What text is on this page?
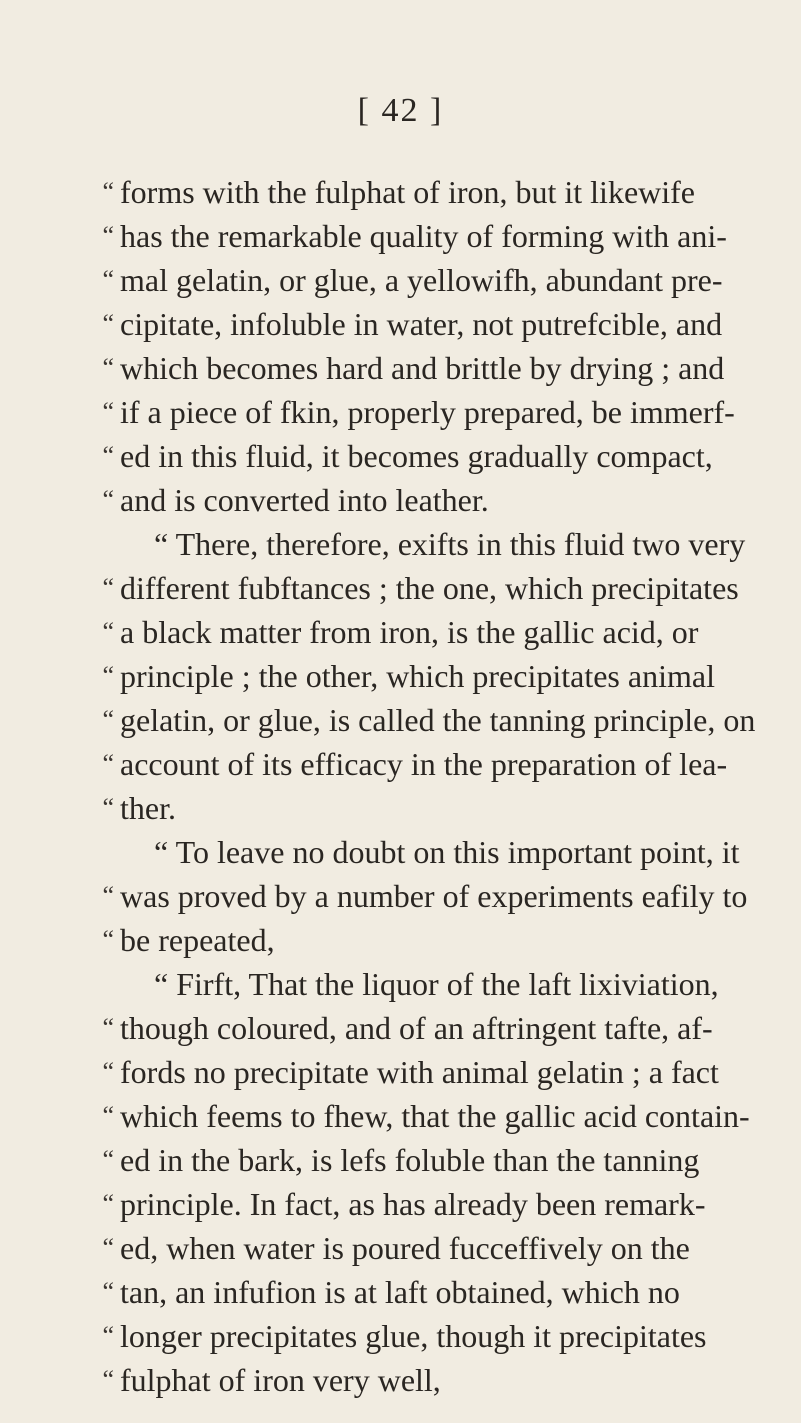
[ 42 ]
“ forms with the fulphat of iron, but it likewife
“ has the remarkable quality of forming with ani-
“ mal gelatin, or glue, a yellowifh, abundant pre-
“ cipitate, infoluble in water, not putrefcible, and
“ which becomes hard and brittle by drying ; and
“ if a piece of fkin, properly prepared, be immerf-
“ ed in this fluid, it becomes gradually compact,
“ and is converted into leather.
“ There, therefore, exifts in this fluid two very
“ different fubftances ; the one, which precipitates
“ a black matter from iron, is the gallic acid, or
“ principle ; the other, which precipitates animal
“ gelatin, or glue, is called the tanning principle, on
“ account of its efficacy in the preparation of lea-
“ ther.
“ To leave no doubt on this important point, it
“ was proved by a number of experiments eafily to
“ be repeated,
“ Firft, That the liquor of the laft lixiviation,
“ though coloured, and of an aftringent tafte, af-
“ fords no precipitate with animal gelatin ; a fact
“ which feems to fhew, that the gallic acid contain-
“ ed in the bark, is lefs foluble than the tanning
“ principle. In fact, as has already been remark-
“ ed, when water is poured fucceffively on the
“ tan, an infufion is at laft obtained, which no
“ longer precipitates glue, though it precipitates
“ fulphat of iron very well,
